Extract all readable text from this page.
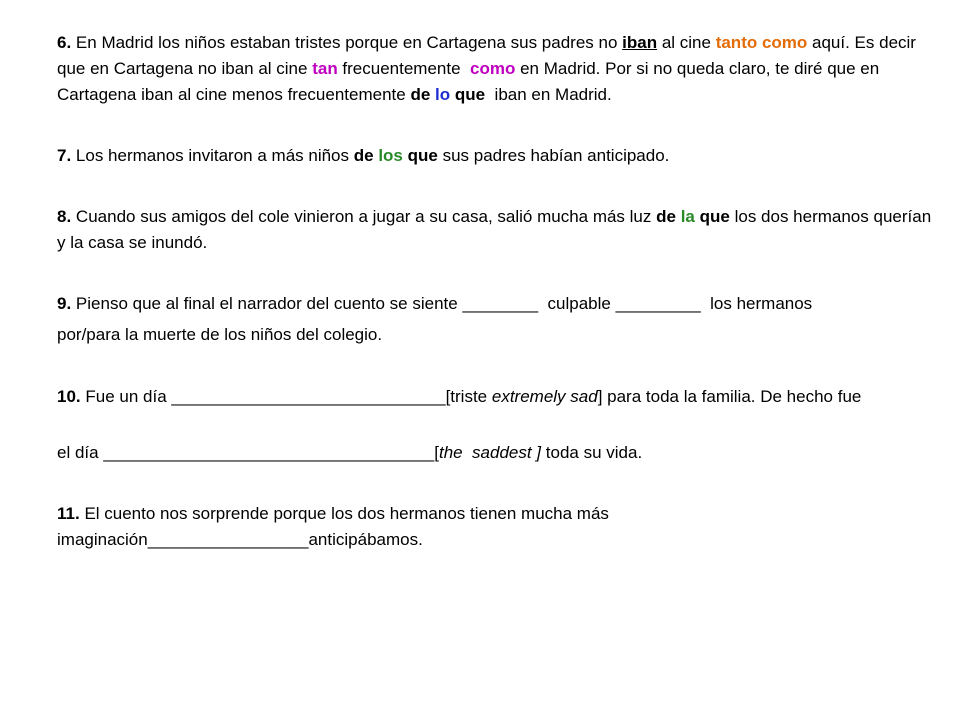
6. En Madrid los niños estaban tristes porque en Cartagena sus padres no iban al cine tanto como aquí. Es decir que en Cartagena no iban al cine tan frecuentemente  como en Madrid. Por si no queda claro, te diré que en Cartagena iban al cine menos frecuentemente de lo que  iban en Madrid.

7. Los hermanos invitaron a más niños de los que sus padres habían anticipado.

8. Cuando sus amigos del cole vinieron a jugar a su casa, salió mucha más luz de la que los dos hermanos querían y la casa se inundó.

9. Pienso que al final el narrador del cuento se siente ________  culpable _________  los hermanos

por/para la muerte de los niños del colegio.

10. Fue un día _____________________________[triste extremely sad] para toda la familia. De hecho fue

el día ___________________________________[the  saddest ] toda su vida.

11. El cuento nos sorprende porque los dos hermanos tienen mucha más imaginación_________________anticipábamos.
